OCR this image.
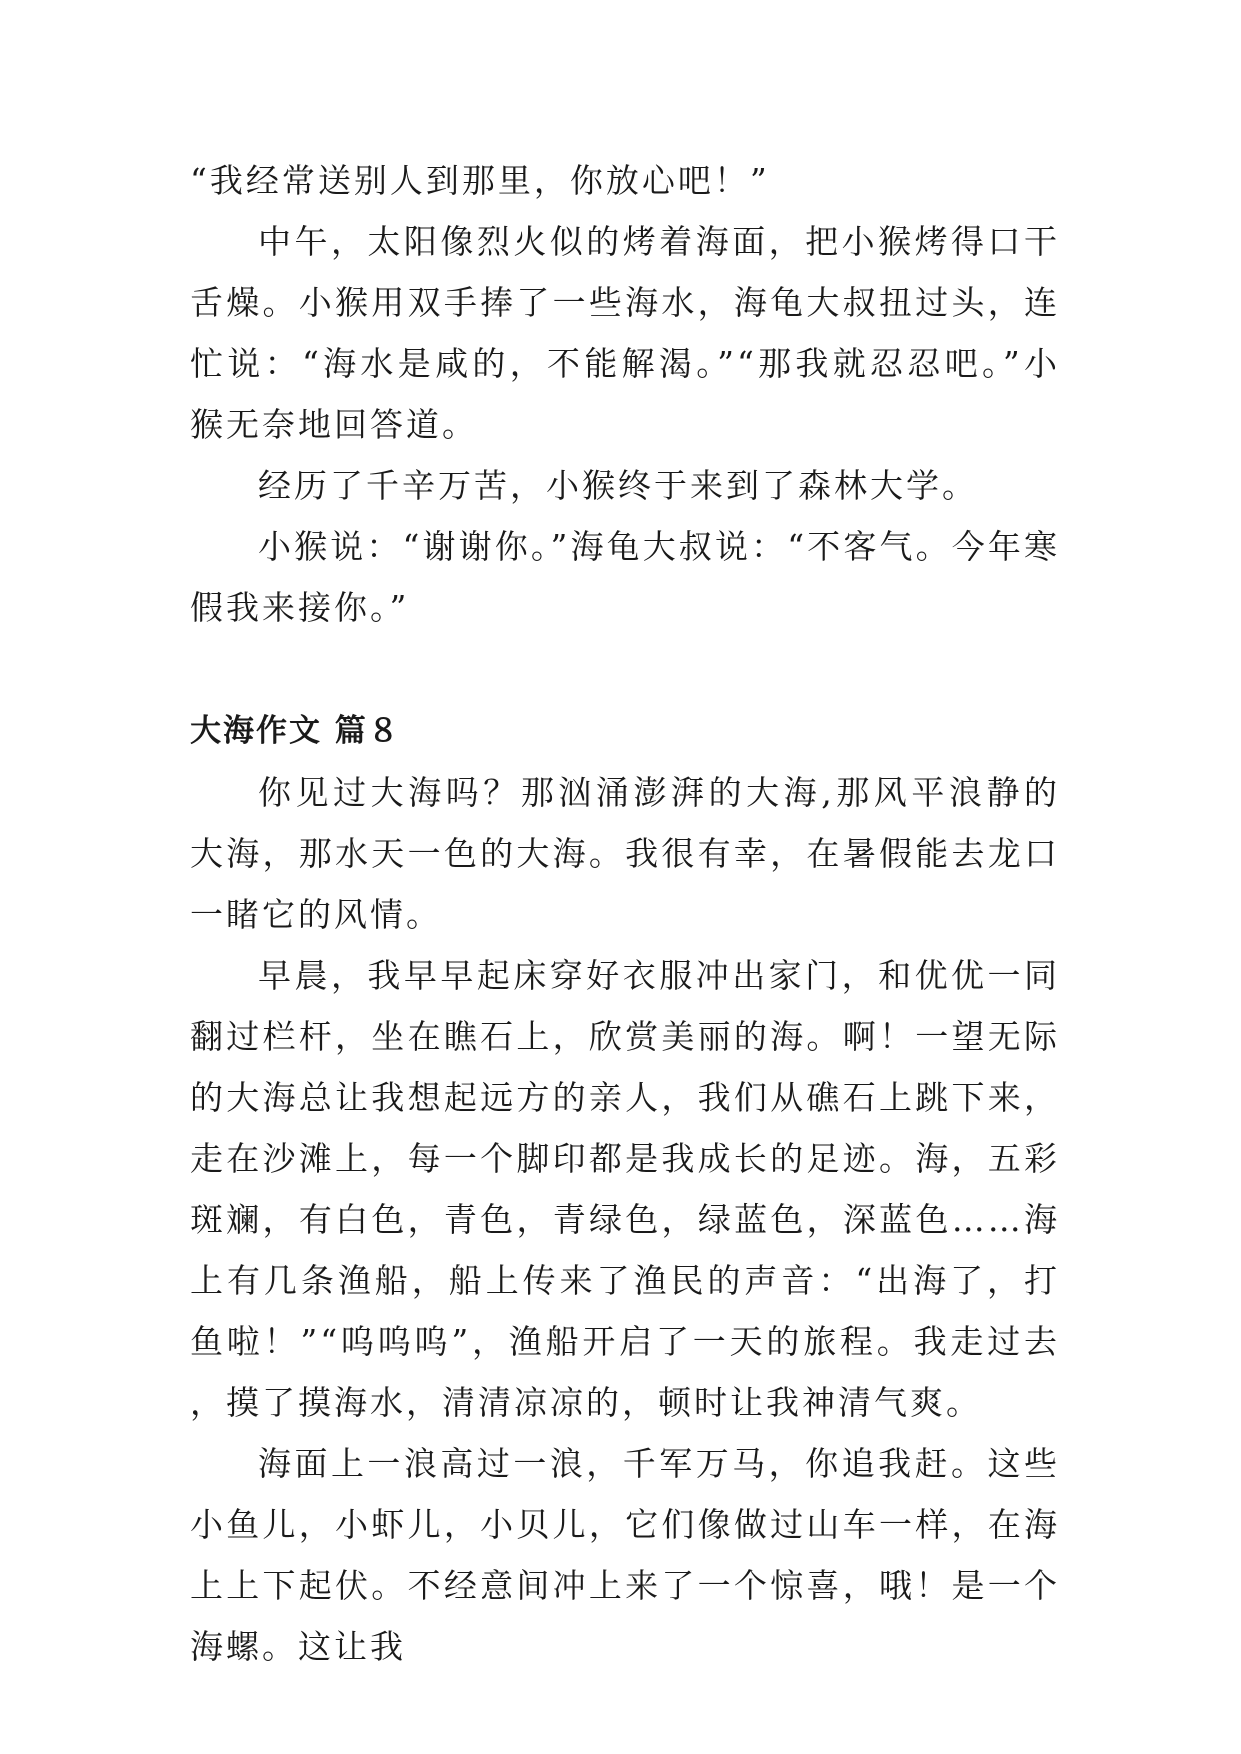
“我经常送别人到那里，你放心吧！”

中午，太阳像烈火似的烤着海面，把小猴烤得口干舌燥。小猴用双手捧了一些海水，海龟大叔扭过头，连忙说：“海水是咸的，不能解渴。”“那我就忍忍吧。”小猴无奈地回答道。

经历了千辛万苦，小猴终于来到了森林大学。

小猴说：“谢谢你。”海龟大叔说：“不客气。今年寒假我来接你。”

大海作文 篇８

你见过大海吗？那汹涌澎湃的大海,那风平浪静的大海，那水天一色的大海。我很有幸，在暑假能去龙口一睹它的风情。

早晨，我早早起床穿好衣服冲出家门，和优优一同翻过栏杆，坐在瞧石上，欣赏美丽的海。啊！一望无际的大海总让我想起远方的亲人，我们从礁石上跳下来，走在沙滩上，每一个脚印都是我成长的足迹。海，五彩斑斓，有白色，青色，青绿色，绿蓝色，深蓝色……海上有几条渔船，船上传来了渔民的声音：“出海了，打鱼啦！”“呜呜呜”，渔船开启了一天的旅程。我走过去，摸了摸海水，清清凉凉的，顿时让我神清气爽。

海面上一浪高过一浪，千军万马，你追我赶。这些小鱼儿，小虾儿，小贝儿，它们像做过山车一样，在海上上下起伏。不经意间冲上来了一个惊喜，哦！是一个海螺。这让我
